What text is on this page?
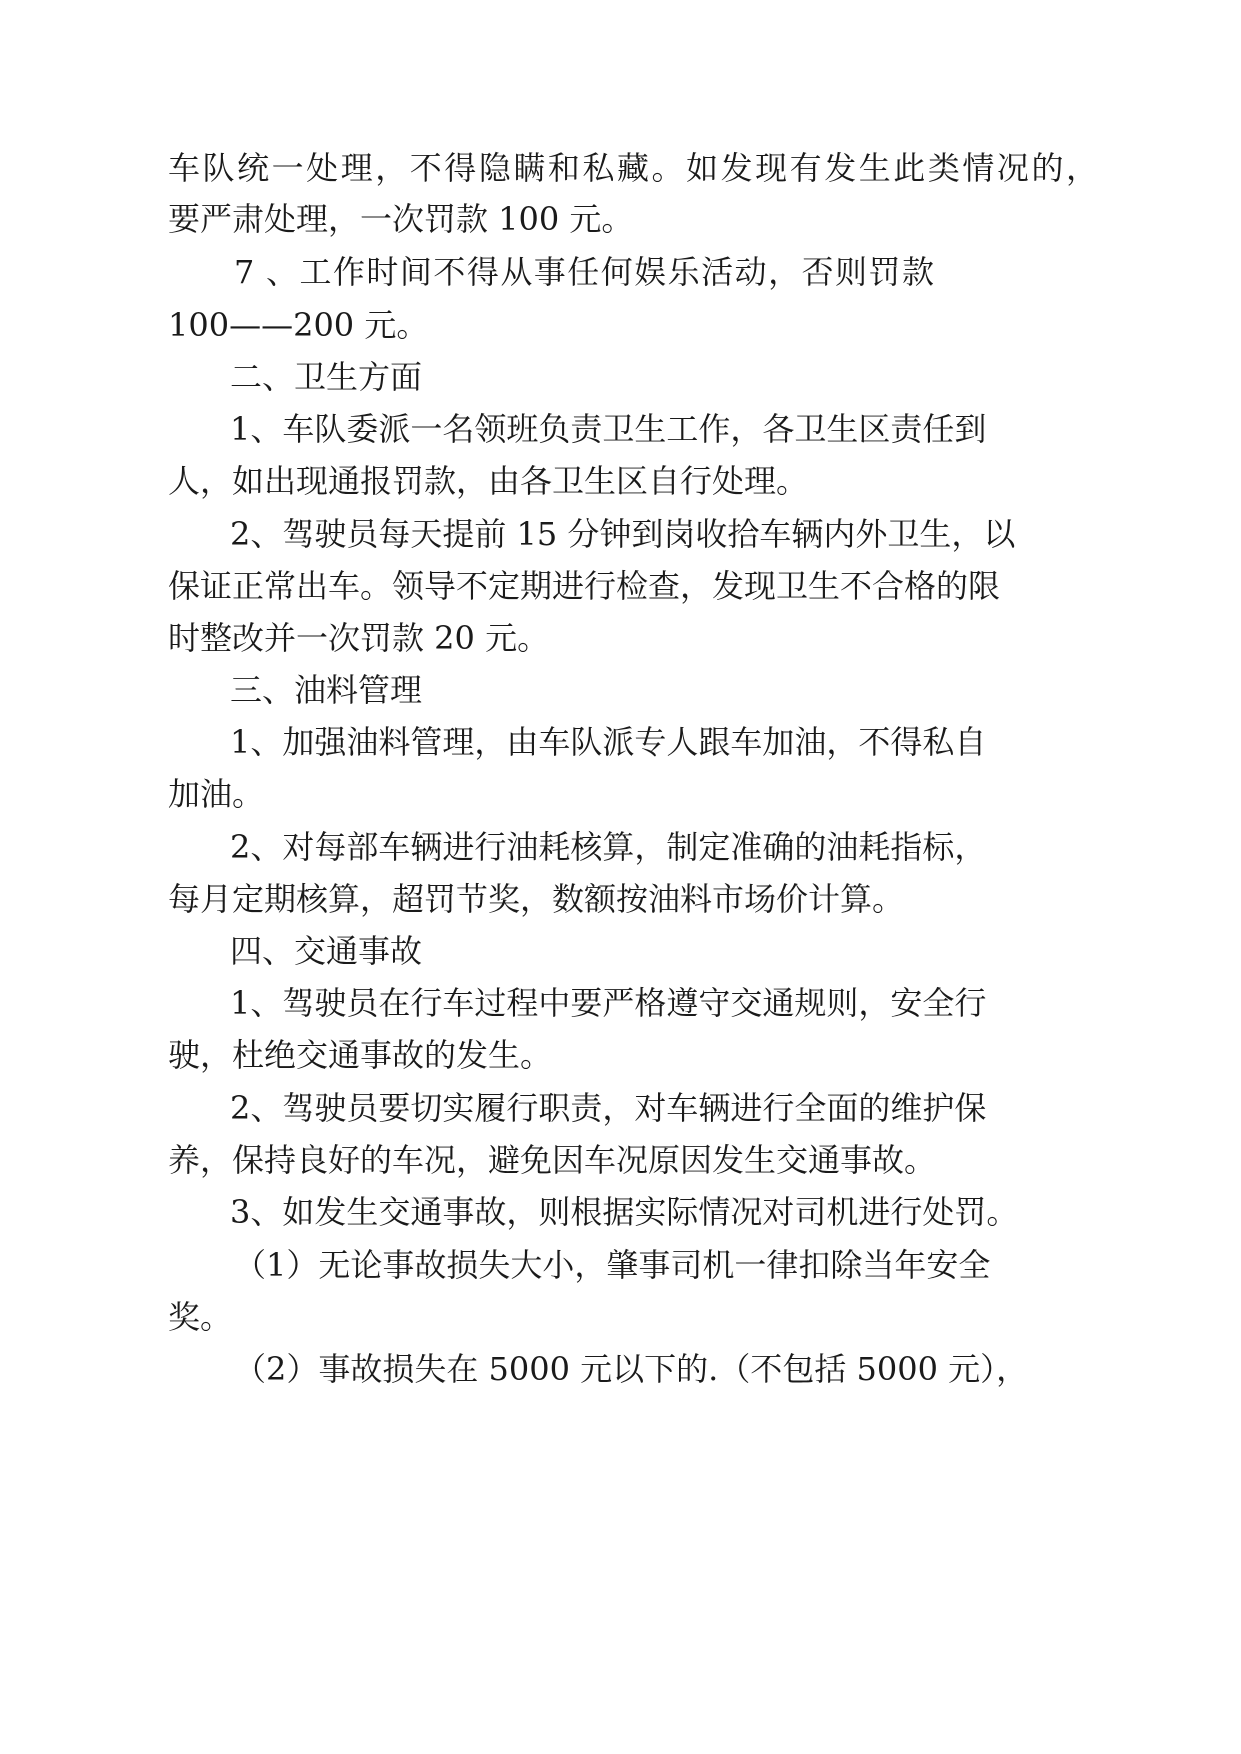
车队统一处理，不得隐瞒和私藏。如发现有发生此类情况的，
要严肃处理，一次罚款 100 元。
7 、工作时间不得从事任何娱乐活动，否则罚款
100——200 元。
二、卫生方面
1、车队委派一名领班负责卫生工作，各卫生区责任到
人，如出现通报罚款，由各卫生区自行处理。
2、驾驶员每天提前 15 分钟到岗收拾车辆内外卫生，以
保证正常出车。领导不定期进行检查，发现卫生不合格的限
时整改并一次罚款 20 元。
三、油料管理
1、加强油料管理，由车队派专人跟车加油，不得私自
加油。
2、对每部车辆进行油耗核算，制定准确的油耗指标，
每月定期核算，超罚节奖，数额按油料市场价计算。
四、交通事故
1、驾驶员在行车过程中要严格遵守交通规则，安全行
驶，杜绝交通事故的发生。
2、驾驶员要切实履行职责，对车辆进行全面的维护保
养，保持良好的车况，避免因车况原因发生交通事故。
3、如发生交通事故，则根据实际情况对司机进行处罚。
（1）无论事故损失大小，肇事司机一律扣除当年安全
奖。
（2）事故损失在 5000 元以下的.（不包括 5000 元），
